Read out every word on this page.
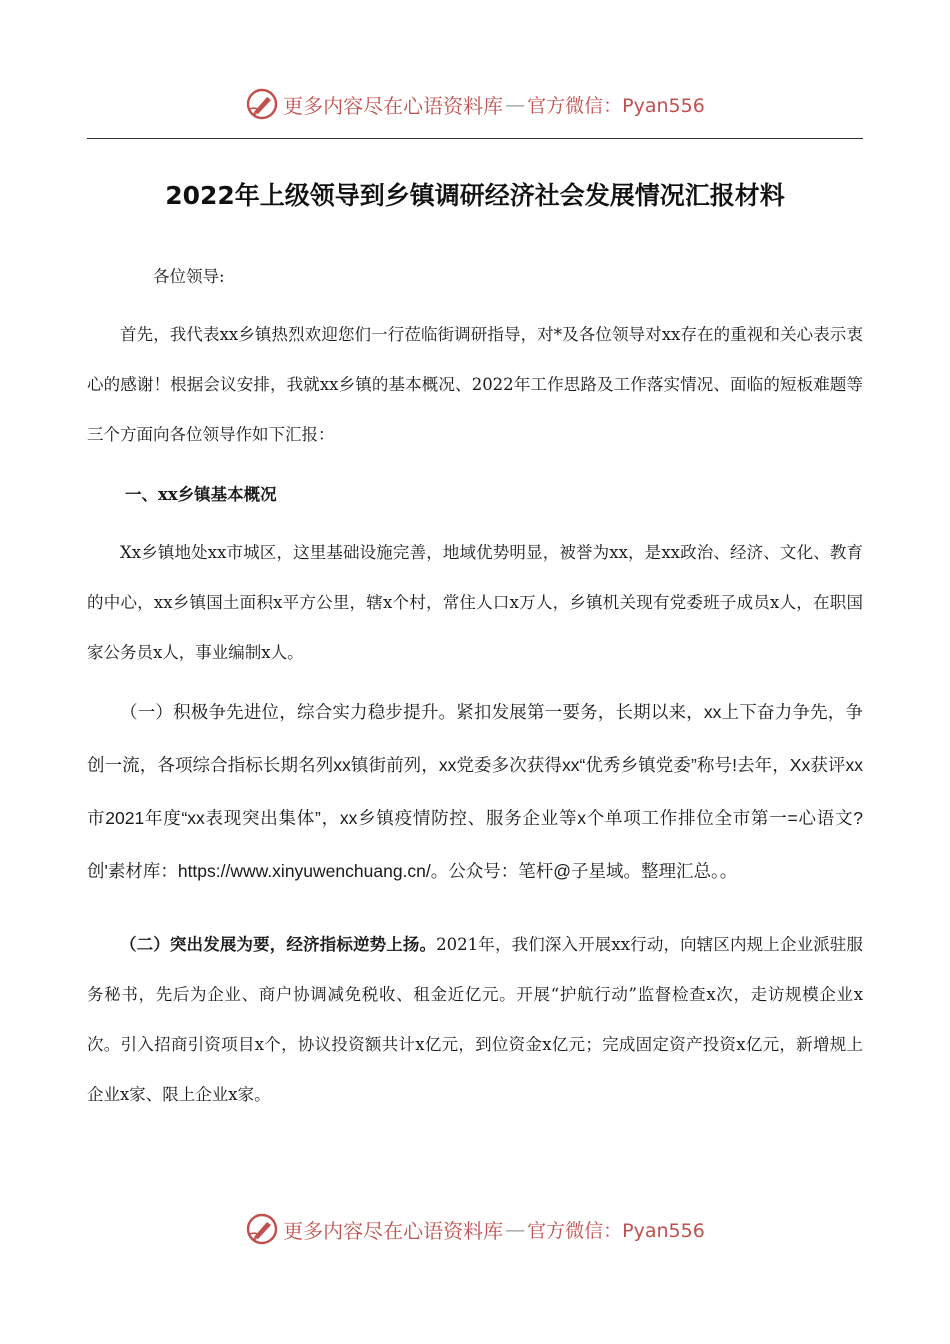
更多内容尽在心语资料库 — 官方微信：Pyan556
2022年上级领导到乡镇调研经济社会发展情况汇报材料

各位领导:

首先，我代表xx乡镇热烈欢迎您们一行莅临街调研指导，对*及各位领导对xx存在的重视和关心表示衷心的感谢！根据会议安排，我就xx乡镇的基本概况、2022年工作思路及工作落实情况、面临的短板难题等三个方面向各位领导作如下汇报：

一、xx乡镇基本概况

Xx乡镇地处xx市城区，这里基础设施完善，地域优势明显，被誉为xx，是xx政治、经济、文化、教育的中心，xx乡镇国土面积x平方公里，辖x个村，常住人口x万人，乡镇机关现有党委班子成员x人，在职国家公务员x人，事业编制x人。

（一）积极争先进位，综合实力稳步提升。紧扣发展第一要务，长期以来，xx上下奋力争先，争创一流，各项综合指标长期名列xx镇街前列，xx党委多次获得xx“优秀乡镇党委”称号!去年，Xx获评xx市2021年度“xx表现突出集体”，xx乡镇疫情防控、服务企业等x个单项工作排位全市第一=心语文?创'素材库：https://www.xinyuwenchuang.cn/。公众号：笔杆@子星域。整理汇总。。

（二）突出发展为要，经济指标逆势上扬。2021年，我们深入开展xx行动，向辖区内规上企业派驻服务秘书，先后为企业、商户协调减免税收、租金近亿元。开展“护航行动”监督检查x次，走访规模企业x次。引入招商引资项目x个，协议投资额共计x亿元，到位资金x亿元；完成固定资产投资x亿元，新增规上企业x家、限上企业x家。

更多内容尽在心语资料库 — 官方微信：Pyan556
